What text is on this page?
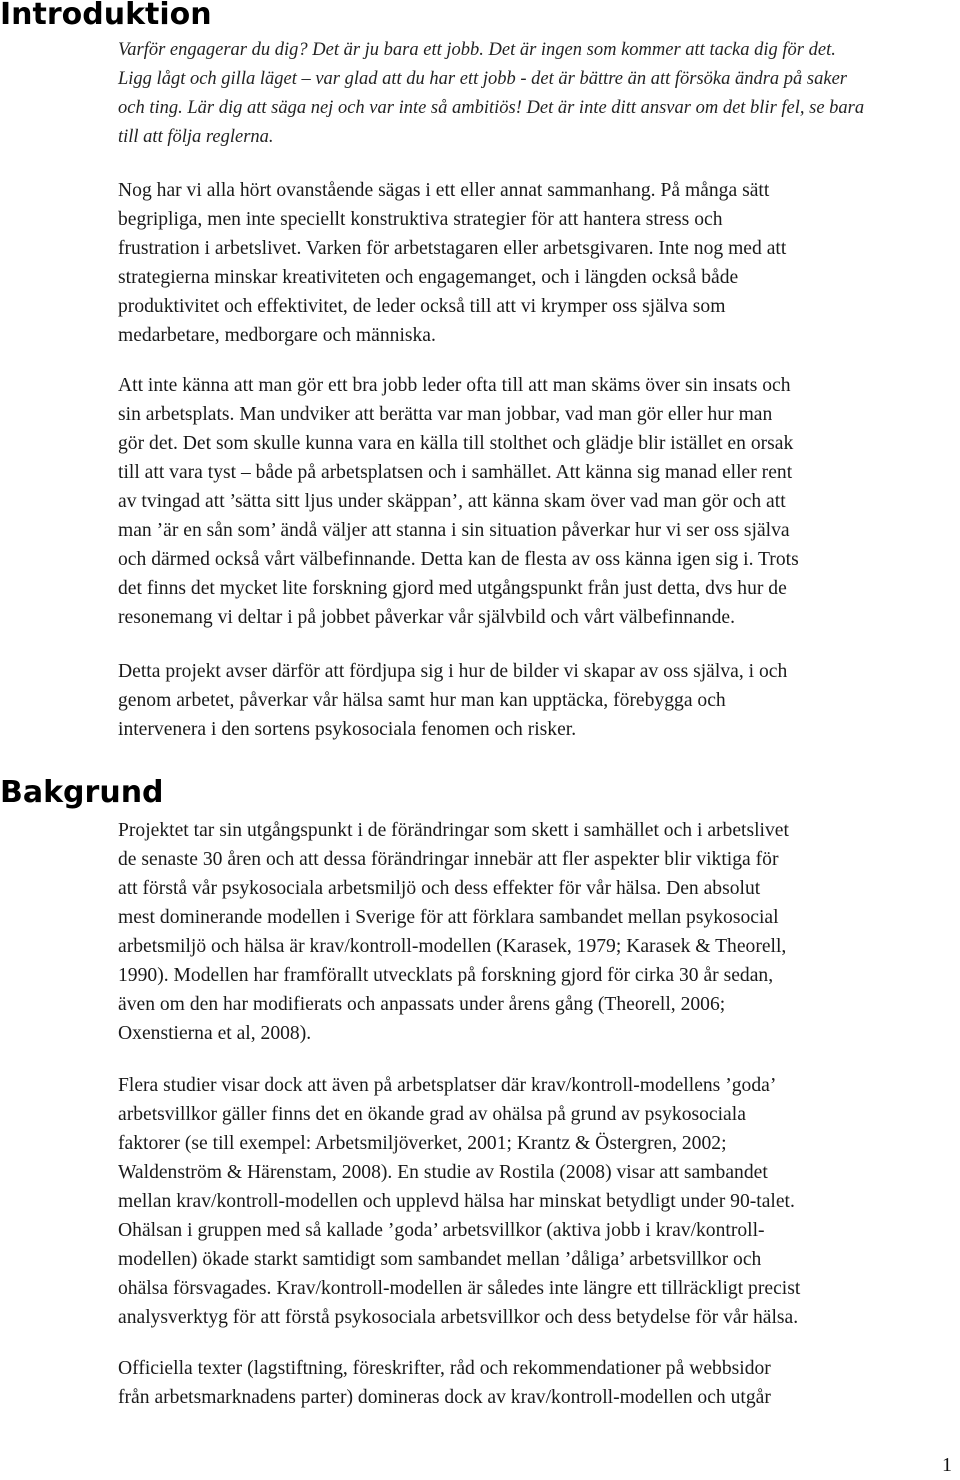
Introduktion
Varför engagerar du dig? Det är ju bara ett jobb. Det är ingen som kommer att tacka dig för det.
Ligg lågt och gilla läget – var glad att du har ett jobb - det är bättre än att försöka ändra på saker
och ting. Lär dig att säga nej och var inte så ambitiös! Det är inte ditt ansvar om det blir fel, se bara
till att följa reglerna.
Nog har vi alla hört ovanstående sägas i ett eller annat sammanhang. På många sätt
begripliga, men inte speciellt konstruktiva strategier för att hantera stress och
frustration i arbetslivet. Varken för arbetstagaren eller arbetsgivaren. Inte nog med att
strategierna minskar kreativiteten och engagemanget, och i längden också både
produktivitet och effektivitet, de leder också till att vi krymper oss själva som
medarbetare, medborgare och människa.
Att inte känna att man gör ett bra jobb leder ofta till att man skäms över sin insats och
sin arbetsplats. Man undviker att berätta var man jobbar, vad man gör eller hur man
gör det. Det som skulle kunna vara en källa till stolthet och glädje blir istället en orsak
till att vara tyst – både på arbetsplatsen och i samhället. Att känna sig manad eller rent
av tvingad att ’sätta sitt ljus under skäppan’, att känna skam över vad man gör och att
man ’är en sån som’ ändå väljer att stanna i sin situation påverkar hur vi ser oss själva
och därmed också vårt välbefinnande. Detta kan de flesta av oss känna igen sig i. Trots
det finns det mycket lite forskning gjord med utgångspunkt från just detta, dvs hur de
resonemang vi deltar i på jobbet påverkar vår självbild och vårt välbefinnande.
Detta projekt avser därför att fördjupa sig i hur de bilder vi skapar av oss själva, i och
genom arbetet, påverkar vår hälsa samt hur man kan upptäcka, förebygga och
intervenera i den sortens psykosociala fenomen och risker.
Bakgrund
Projektet tar sin utgångspunkt i de förändringar som skett i samhället och i arbetslivet
de senaste 30 åren och att dessa förändringar innebär att fler aspekter blir viktiga för
att förstå vår psykosociala arbetsmiljö och dess effekter för vår hälsa. Den absolut
mest dominerande modellen i Sverige för att förklara sambandet mellan psykosocial
arbetsmiljö och hälsa är krav/kontroll-modellen (Karasek, 1979; Karasek & Theorell,
1990). Modellen har framförallt utvecklats på forskning gjord för cirka 30 år sedan,
även om den har modifierats och anpassats under årens gång (Theorell, 2006;
Oxenstierna et al, 2008).
Flera studier visar dock att även på arbetsplatser där krav/kontroll-modellens ’goda’
arbetsvillkor gäller finns det en ökande grad av ohälsa på grund av psykosociala
faktorer (se till exempel: Arbetsmiljöverket, 2001; Krantz & Östergren, 2002;
Waldenström & Härenstam, 2008). En studie av Rostila (2008) visar att sambandet
mellan krav/kontroll-modellen och upplevd hälsa har minskat betydligt under 90-talet.
Ohälsan i gruppen med så kallade ’goda’ arbetsvillkor (aktiva jobb i krav/kontroll-
modellen) ökade starkt samtidigt som sambandet mellan ’dåliga’ arbetsvillkor och
ohälsa försvagades. Krav/kontroll-modellen är således inte längre ett tillräckligt precist
analysverktyg för att förstå psykosociala arbetsvillkor och dess betydelse för vår hälsa.
Officiella texter (lagstiftning, föreskrifter, råd och rekommendationer på webbsidor
från arbetsmarknadens parter) domineras dock av krav/kontroll-modellen och utgår

1
